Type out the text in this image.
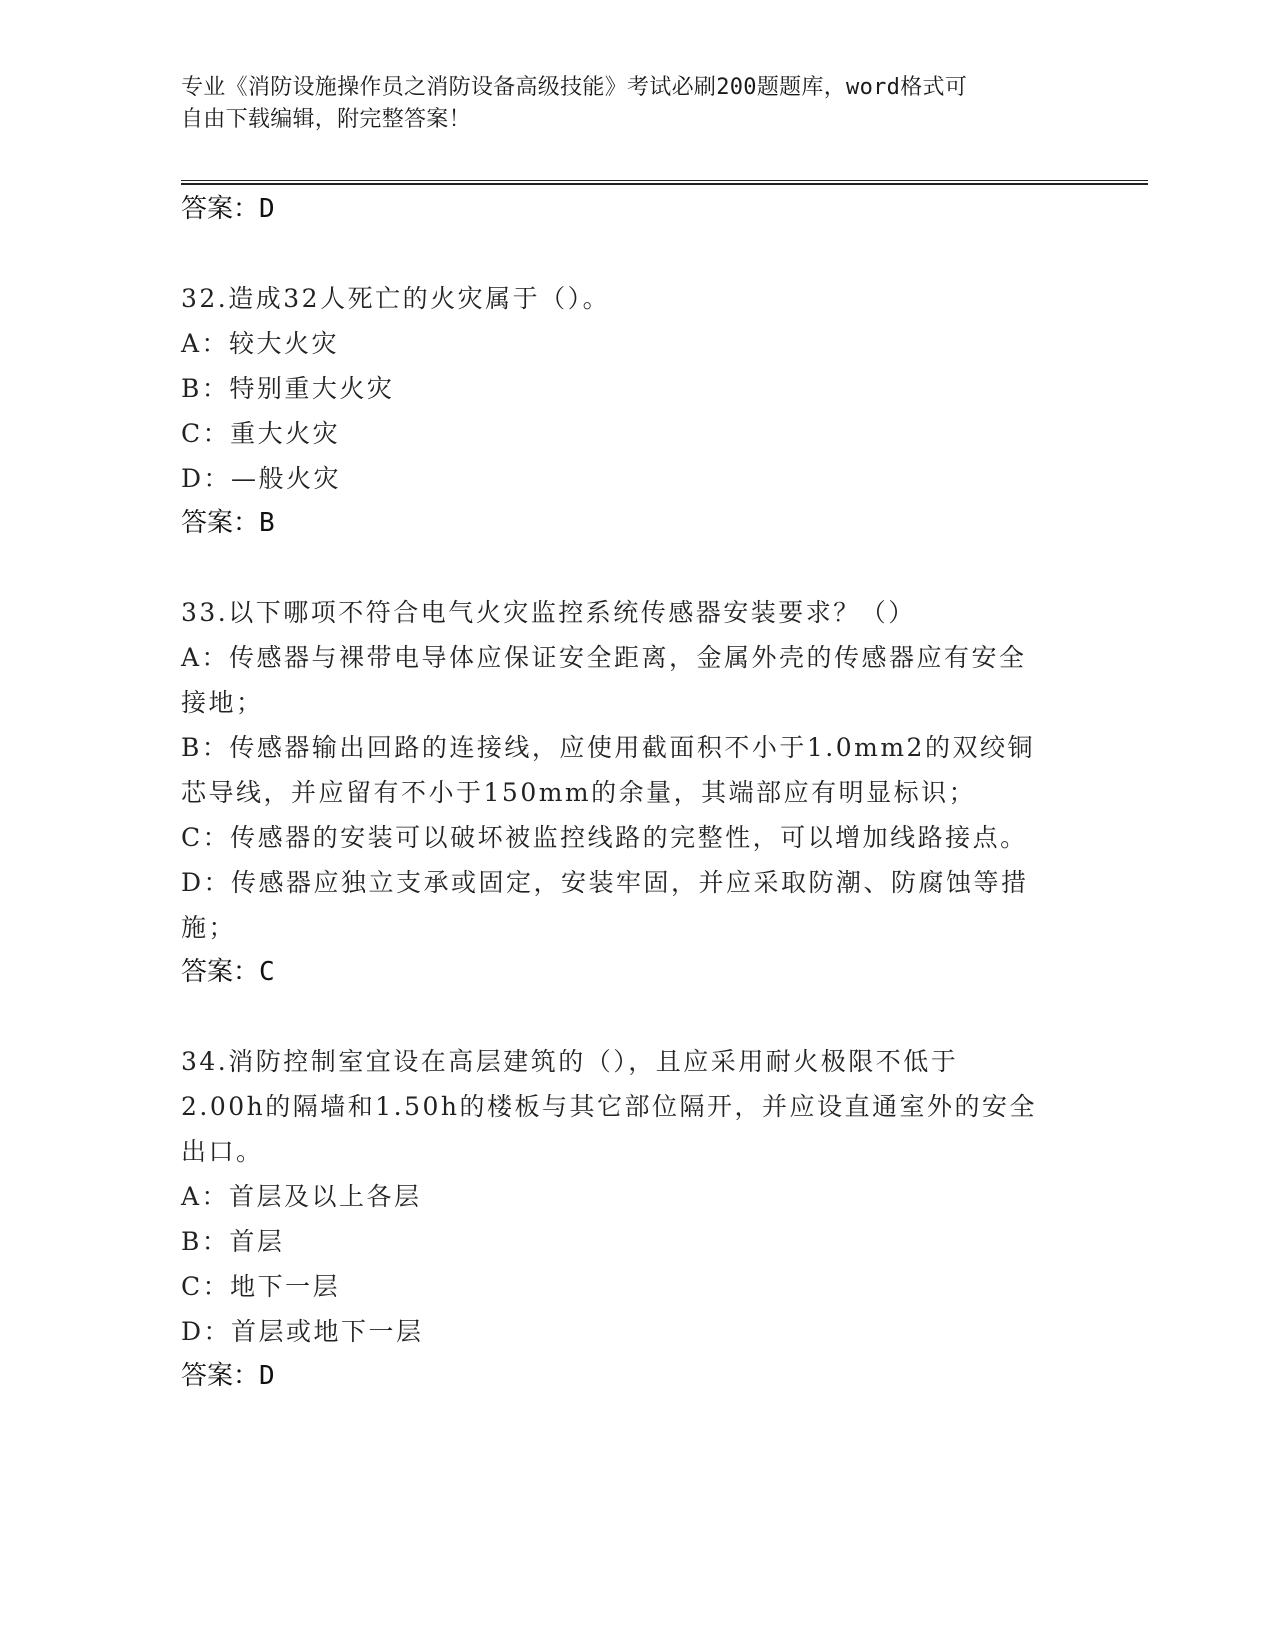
专业《消防设施操作员之消防设备高级技能》考试必刷200题题库，word格式可
自由下载编辑，附完整答案！
答案：D
32.造成32人死亡的火灾属于（）。
A：较大火灾
B：特别重大火灾
C：重大火灾
D：—般火灾
答案：B
33.以下哪项不符合电气火灾监控系统传感器安装要求？（）
A：传感器与裸带电导体应保证安全距离，金属外壳的传感器应有安全
接地；
B：传感器输出回路的连接线，应使用截面积不小于1.0mm2的双绞铜
芯导线，并应留有不小于150mm的余量，其端部应有明显标识；
C：传感器的安装可以破坏被监控线路的完整性，可以增加线路接点。
D：传感器应独立支承或固定，安装牢固，并应采取防潮、防腐蚀等措
施；
答案：C
34.消防控制室宜设在高层建筑的（），且应采用耐火极限不低于
2.00h的隔墙和1.50h的楼板与其它部位隔开，并应设直通室外的安全
出口。
A：首层及以上各层
B：首层
C：地下一层
D：首层或地下一层
答案：D
